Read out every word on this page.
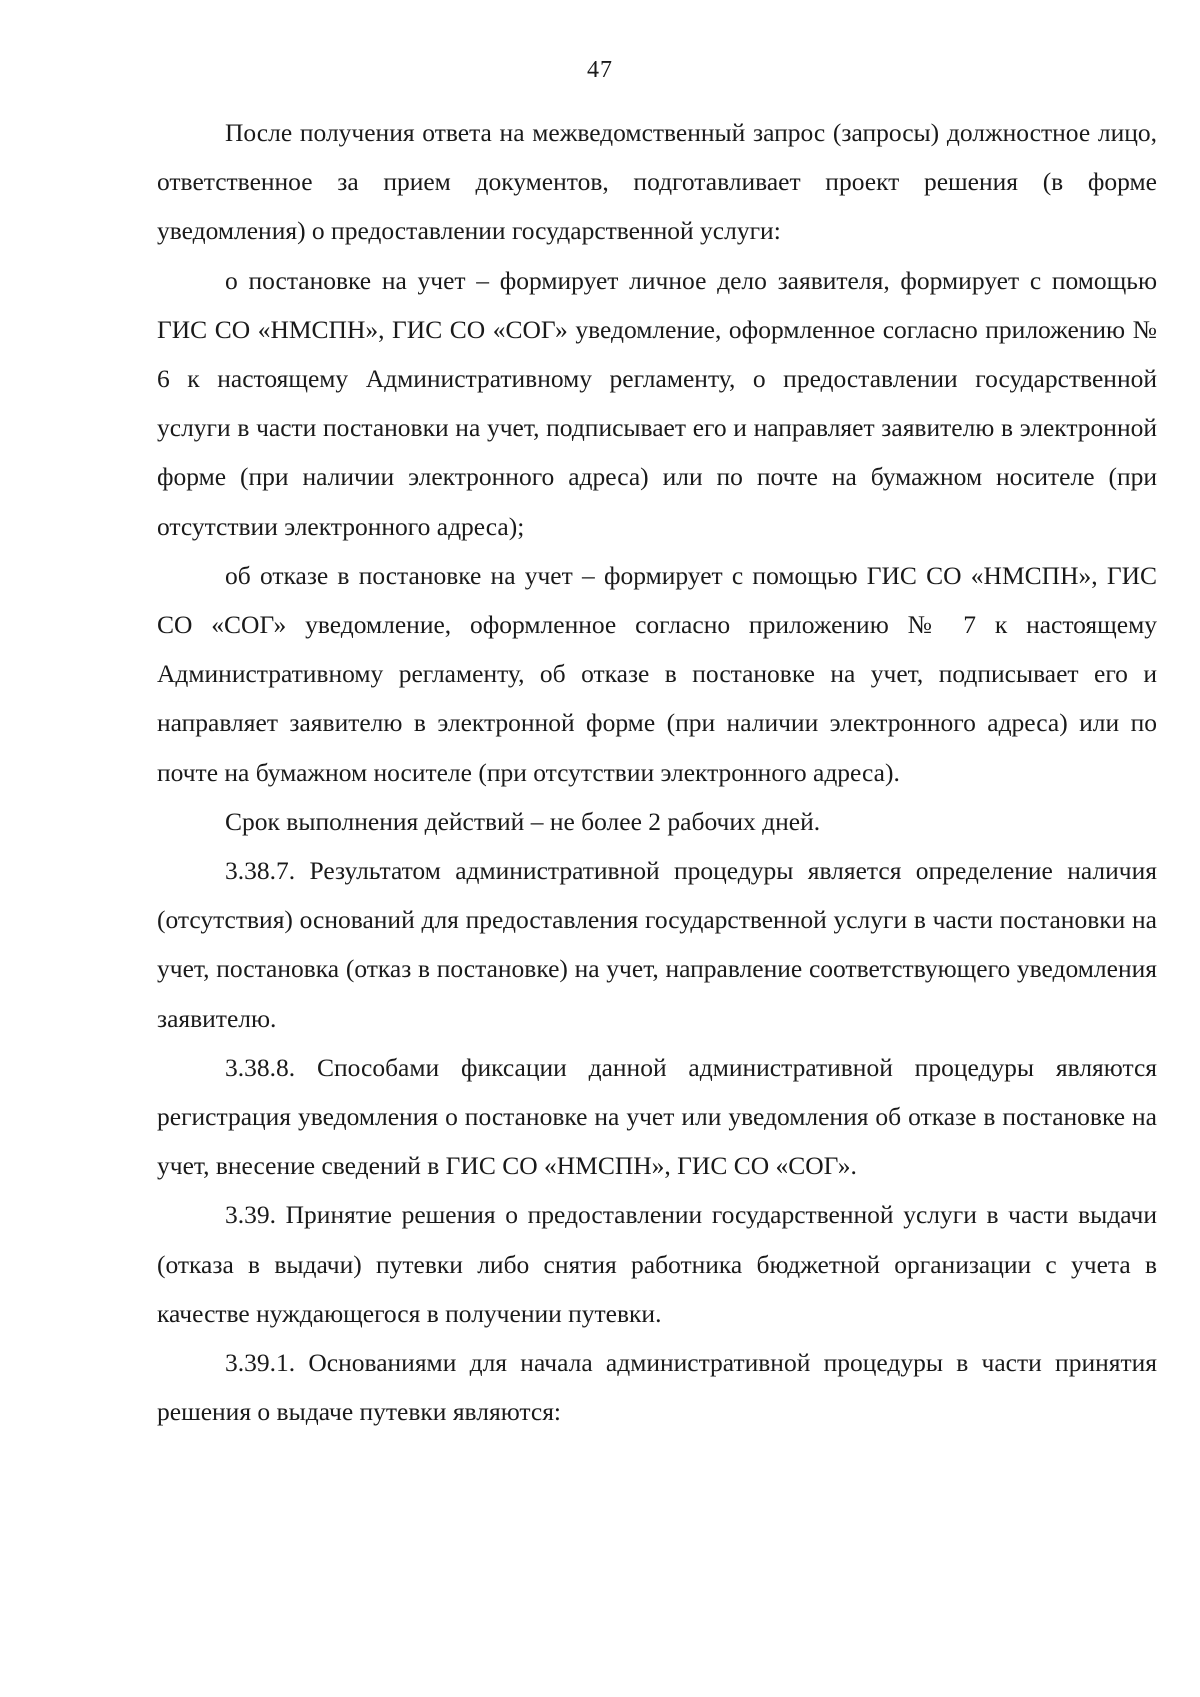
47

После получения ответа на межведомственный запрос (запросы) должностное лицо, ответственное за прием документов, подготавливает проект решения (в форме уведомления) о предоставлении государственной услуги:

о постановке на учет – формирует личное дело заявителя, формирует с помощью ГИС СО «НМСПН», ГИС СО «СОГ» уведомление, оформленное согласно приложению № 6 к настоящему Административному регламенту, о предоставлении государственной услуги в части постановки на учет, подписывает его и направляет заявителю в электронной форме (при наличии электронного адреса) или по почте на бумажном носителе (при отсутствии электронного адреса);

об отказе в постановке на учет – формирует с помощью ГИС СО «НМСПН», ГИС СО «СОГ» уведомление, оформленное согласно приложению № 7 к настоящему Административному регламенту, об отказе в постановке на учет, подписывает его и направляет заявителю в электронной форме (при наличии электронного адреса) или по почте на бумажном носителе (при отсутствии электронного адреса).

Срок выполнения действий – не более 2 рабочих дней.

3.38.7. Результатом административной процедуры является определение наличия (отсутствия) оснований для предоставления государственной услуги в части постановки на учет, постановка (отказ в постановке) на учет, направление соответствующего уведомления заявителю.

3.38.8. Способами фиксации данной административной процедуры являются регистрация уведомления о постановке на учет или уведомления об отказе в постановке на учет, внесение сведений в ГИС СО «НМСПН», ГИС СО «СОГ».

3.39. Принятие решения о предоставлении государственной услуги в части выдачи (отказа в выдачи) путевки либо снятия работника бюджетной организации с учета в качестве нуждающегося в получении путевки.

3.39.1. Основаниями для начала административной процедуры в части принятия решения о выдаче путевки являются:
